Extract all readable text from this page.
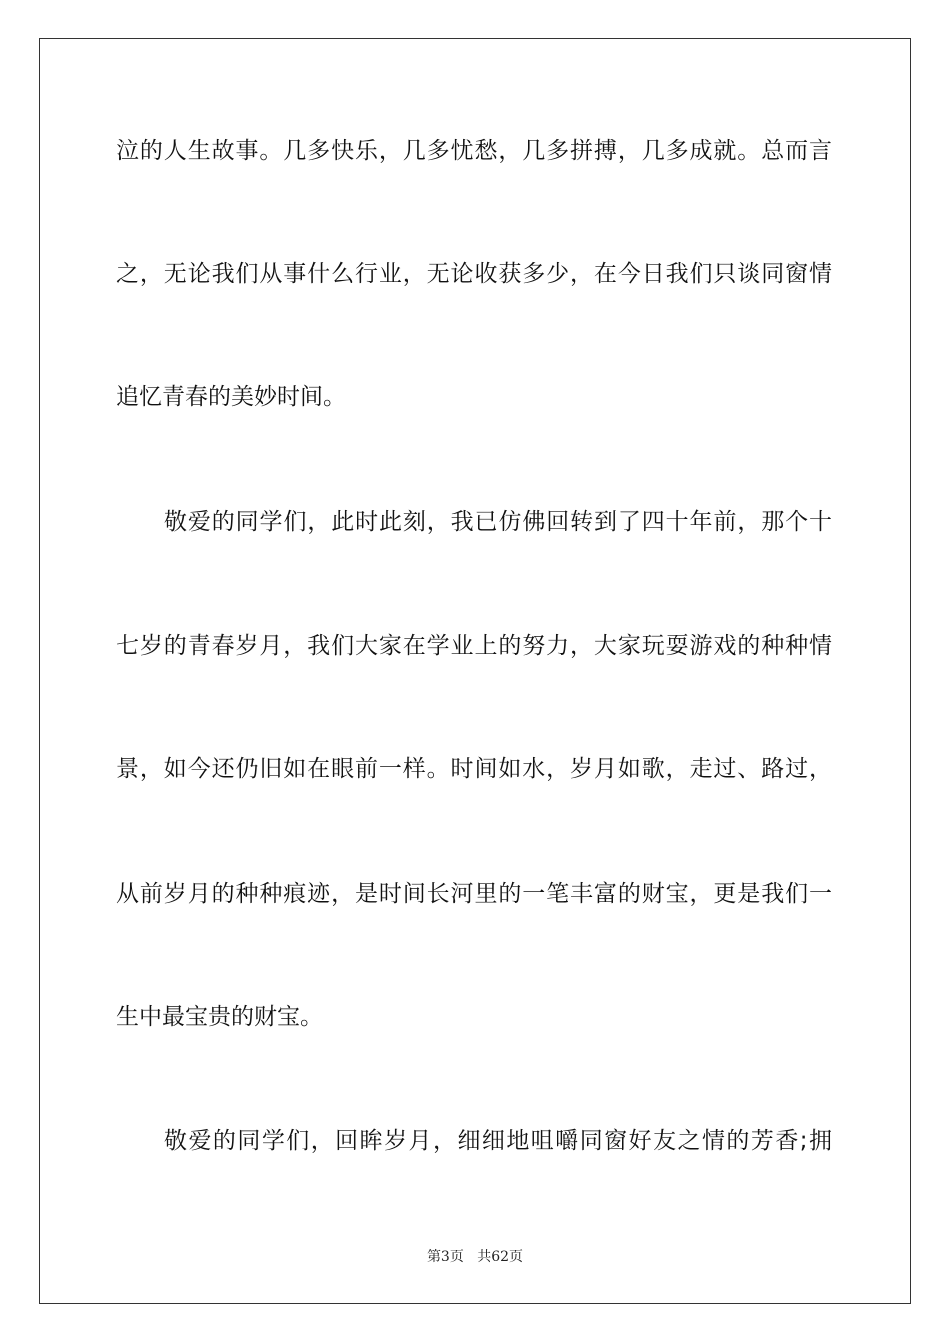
泣的人生故事。几多快乐，几多忧愁，几多拼搏，几多成就。总而言
之，无论我们从事什么行业，无论收获多少，在今日我们只谈同窗情
追忆青春的美妙时间。
敬爱的同学们，此时此刻，我已仿佛回转到了四十年前，那个十
七岁的青春岁月，我们大家在学业上的努力，大家玩耍游戏的种种情
景，如今还仍旧如在眼前一样。时间如水，岁月如歌，走过、路过，
从前岁月的种种痕迹，是时间长河里的一笔丰富的财宝，更是我们一
生中最宝贵的财宝。
敬爱的同学们，回眸岁月，细细地咀嚼同窗好友之情的芳香;拥
第3页 共62页
